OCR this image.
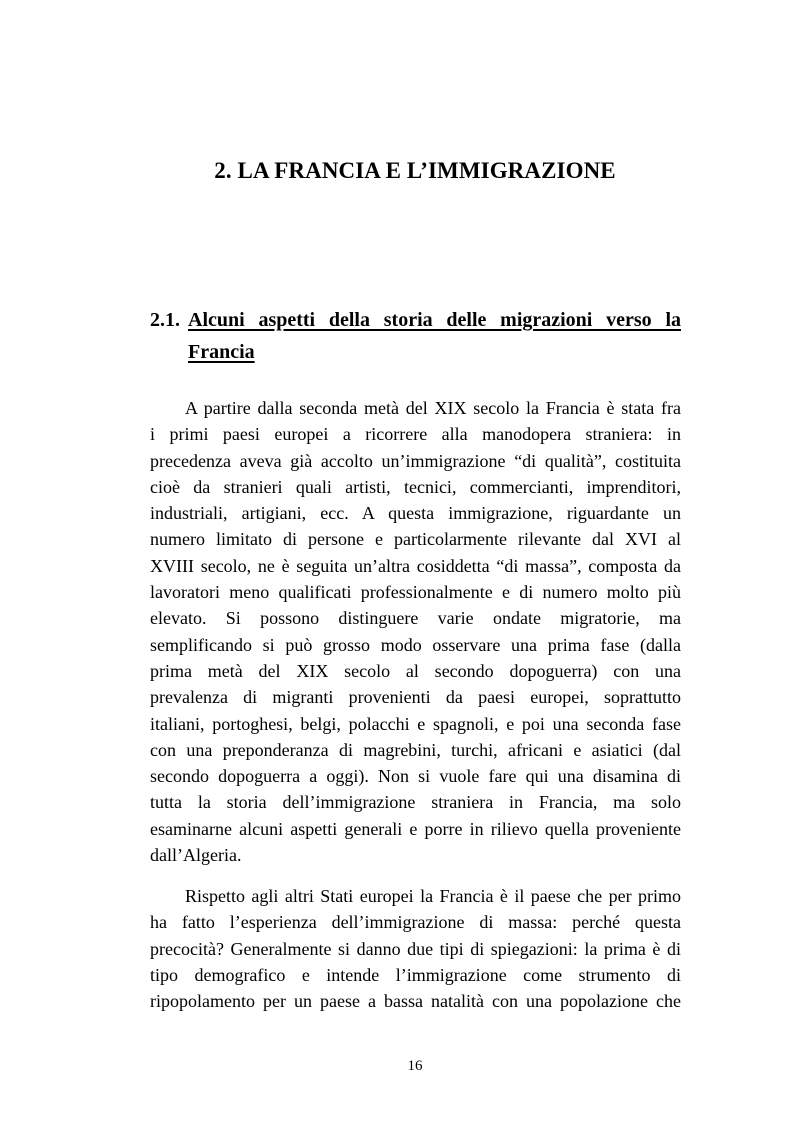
2. LA FRANCIA E L’IMMIGRAZIONE
2.1. Alcuni aspetti della storia delle migrazioni verso la
Francia

A partire dalla seconda metà del XIX secolo la Francia è stata fra
i primi paesi europei a ricorrere alla manodopera straniera: in
precedenza aveva già accolto un’immigrazione “di qualità”, costituita
cioè da stranieri quali artisti, tecnici, commercianti, imprenditori,
industriali, artigiani, ecc. A questa immigrazione, riguardante un
numero limitato di persone e particolarmente rilevante dal XVI al
XVIII secolo, ne è seguita un’altra cosiddetta “di massa”, composta da
lavoratori meno qualificati professionalmente e di numero molto più
elevato. Si possono distinguere varie ondate migratorie, ma
semplificando si può grosso modo osservare una prima fase (dalla
prima metà del XIX secolo al secondo dopoguerra) con una
prevalenza di migranti provenienti da paesi europei, soprattutto
italiani, portoghesi, belgi, polacchi e spagnoli, e poi una seconda fase
con una preponderanza di magrebini, turchi, africani e asiatici (dal
secondo dopoguerra a oggi). Non si vuole fare qui una disamina di
tutta la storia dell’immigrazione straniera in Francia, ma solo
esaminarne alcuni aspetti generali e porre in rilievo quella proveniente
dall’Algeria.

Rispetto agli altri Stati europei la Francia è il paese che per primo
ha fatto l’esperienza dell’immigrazione di massa: perché questa
precocità? Generalmente si danno due tipi di spiegazioni: la prima è di
tipo demografico e intende l’immigrazione come strumento di
ripopolamento per un paese a bassa natalità con una popolazione che

16
